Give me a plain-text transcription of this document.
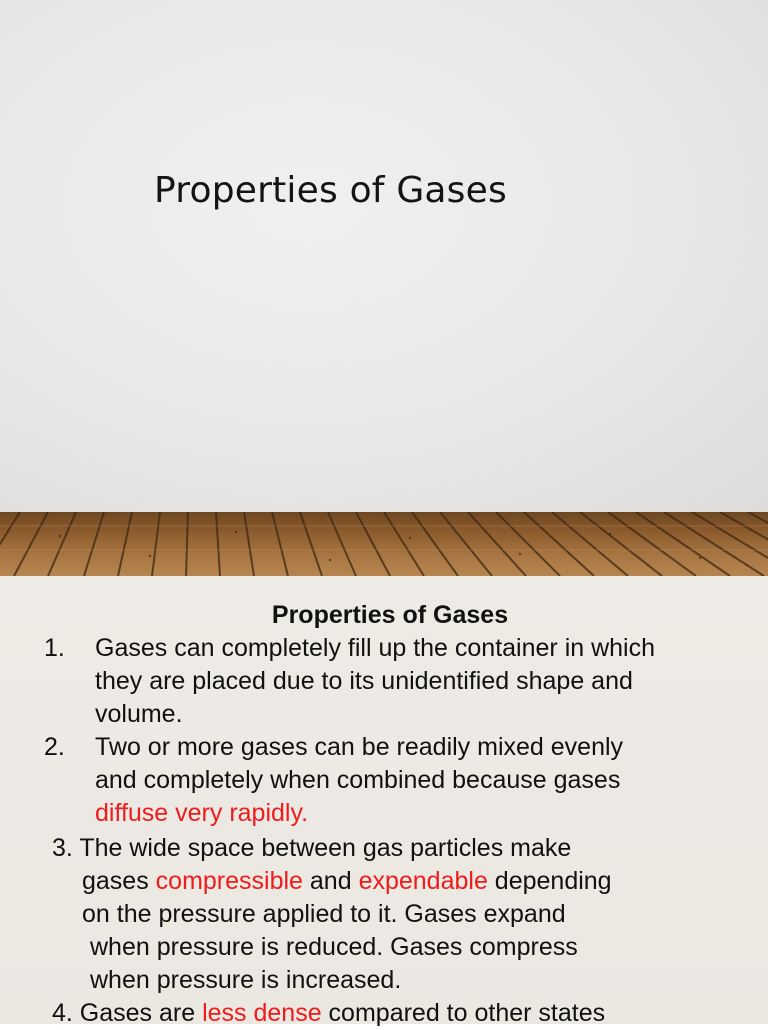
Properties of Gases
Properties of Gases
1. Gases can completely fill up the container in which
they are placed due to its unidentified shape and
volume.
2. Two or more gases can be readily mixed evenly
and completely when combined because gases
diffuse very rapidly.
3. The wide space between gas particles make
gases compressible and expendable depending
on the pressure applied to it. Gases expand
when pressure is reduced. Gases compress
when pressure is increased.
4. Gases are less dense compared to other states
